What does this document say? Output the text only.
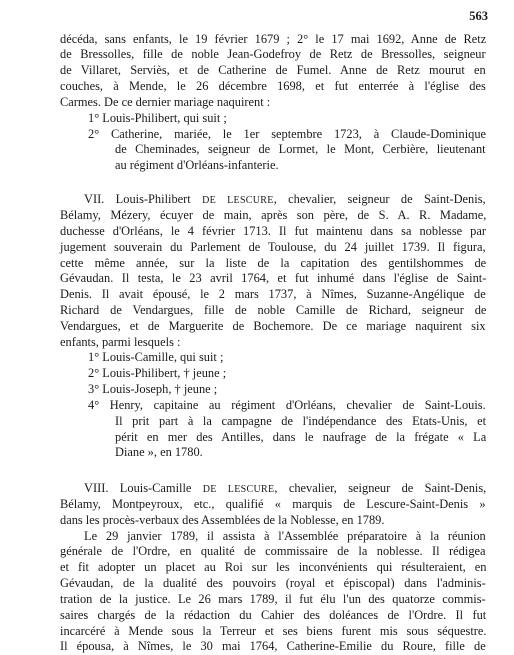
563
décéda, sans enfants, le 19 février 1679 ; 2° le 17 mai 1692, Anne de Retz
de Bressolles, fille de noble Jean-Godefroy de Retz de Bressolles, seigneur
de Villaret, Serviès, et de Catherine de Fumel. Anne de Retz mourut en
couches, à Mende, le 26 décembre 1698, et fut enterrée à l'église des
Carmes. De ce dernier mariage naquirent :
1° Louis-Philibert, qui suit ;
2° Catherine, mariée, le 1er septembre 1723, à Claude-Dominique
de Cheminades, seigneur de Lormet, le Mont, Cerbière, lieutenant
au régiment d'Orléans-infanterie.
VII. Louis-Philibert DE LESCURE, chevalier, seigneur de Saint-Denis,
Bélamy, Mézery, écuyer de main, après son père, de S. A. R. Madame,
duchesse d'Orléans, le 4 février 1713. Il fut maintenu dans sa noblesse par
jugement souverain du Parlement de Toulouse, du 24 juillet 1739. Il figura,
cette même année, sur la liste de la capitation des gentilshommes de
Gévaudan. Il testa, le 23 avril 1764, et fut inhumé dans l'église de Saint-
Denis. Il avait épousé, le 2 mars 1737, à Nîmes, Suzanne-Angélique de
Richard de Vendargues, fille de noble Camille de Richard, seigneur de
Vendargues, et de Marguerite de Bochemore. De ce mariage naquirent six
enfants, parmi lesquels :
1° Louis-Camille, qui suit ;
2° Louis-Philibert, † jeune ;
3° Louis-Joseph, † jeune ;
4° Henry, capitaine au régiment d'Orléans, chevalier de Saint-Louis.
Il prit part à la campagne de l'indépendance des Etats-Unis, et
périt en mer des Antilles, dans le naufrage de la frégate « La
Diane », en 1780.
VIII. Louis-Camille DE LESCURE, chevalier, seigneur de Saint-Denis,
Bélamy, Montpeyroux, etc., qualifié « marquis de Lescure-Saint-Denis »
dans les procès-verbaux des Assemblées de la Noblesse, en 1789.
Le 29 janvier 1789, il assista à l'Assemblée préparatoire à la réunion
générale de l'Ordre, en qualité de commissaire de la noblesse. Il rédigea
et fit adopter un placet au Roi sur les inconvénients qui résulteraient, en
Gévaudan, de la dualité des pouvoirs (royal et épiscopal) dans l'adminis-
tration de la justice. Le 26 mars 1789, il fut élu l'un des quatorze commis-
saires chargés de la rédaction du Cahier des doléances de l'Ordre. Il fut
incarcéré à Mende sous la Terreur et ses biens furent mis sous séquestre.
Il épousa, à Nîmes, le 30 mai 1764, Catherine-Emilie du Roure, fille de
